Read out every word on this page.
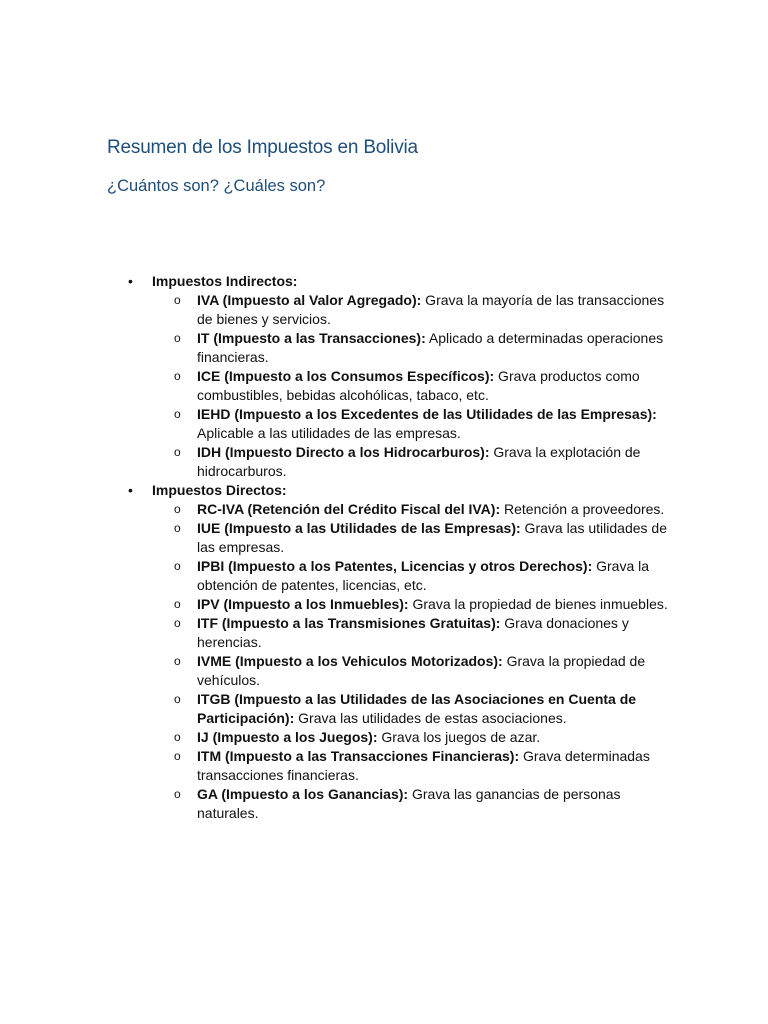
Resumen de los Impuestos en Bolivia
¿Cuántos son? ¿Cuáles son?
• Impuestos Indirectos:
o IVA (Impuesto al Valor Agregado): Grava la mayoría de las transacciones de bienes y servicios.
o IT (Impuesto a las Transacciones): Aplicado a determinadas operaciones financieras.
o ICE (Impuesto a los Consumos Específicos): Grava productos como combustibles, bebidas alcohólicas, tabaco, etc.
o IEHD (Impuesto a los Excedentes de las Utilidades de las Empresas): Aplicable a las utilidades de las empresas.
o IDH (Impuesto Directo a los Hidrocarburos): Grava la explotación de hidrocarburos.
• Impuestos Directos:
o RC-IVA (Retención del Crédito Fiscal del IVA): Retención a proveedores.
o IUE (Impuesto a las Utilidades de las Empresas): Grava las utilidades de las empresas.
o IPBI (Impuesto a los Patentes, Licencias y otros Derechos): Grava la obtención de patentes, licencias, etc.
o IPV (Impuesto a los Inmuebles): Grava la propiedad de bienes inmuebles.
o ITF (Impuesto a las Transmisiones Gratuitas): Grava donaciones y herencias.
o IVME (Impuesto a los Vehiculos Motorizados): Grava la propiedad de vehículos.
o ITGB (Impuesto a las Utilidades de las Asociaciones en Cuenta de Participación): Grava las utilidades de estas asociaciones.
o IJ (Impuesto a los Juegos): Grava los juegos de azar.
o ITM (Impuesto a las Transacciones Financieras): Grava determinadas transacciones financieras.
o GA (Impuesto a los Ganancias): Grava las ganancias de personas naturales.
